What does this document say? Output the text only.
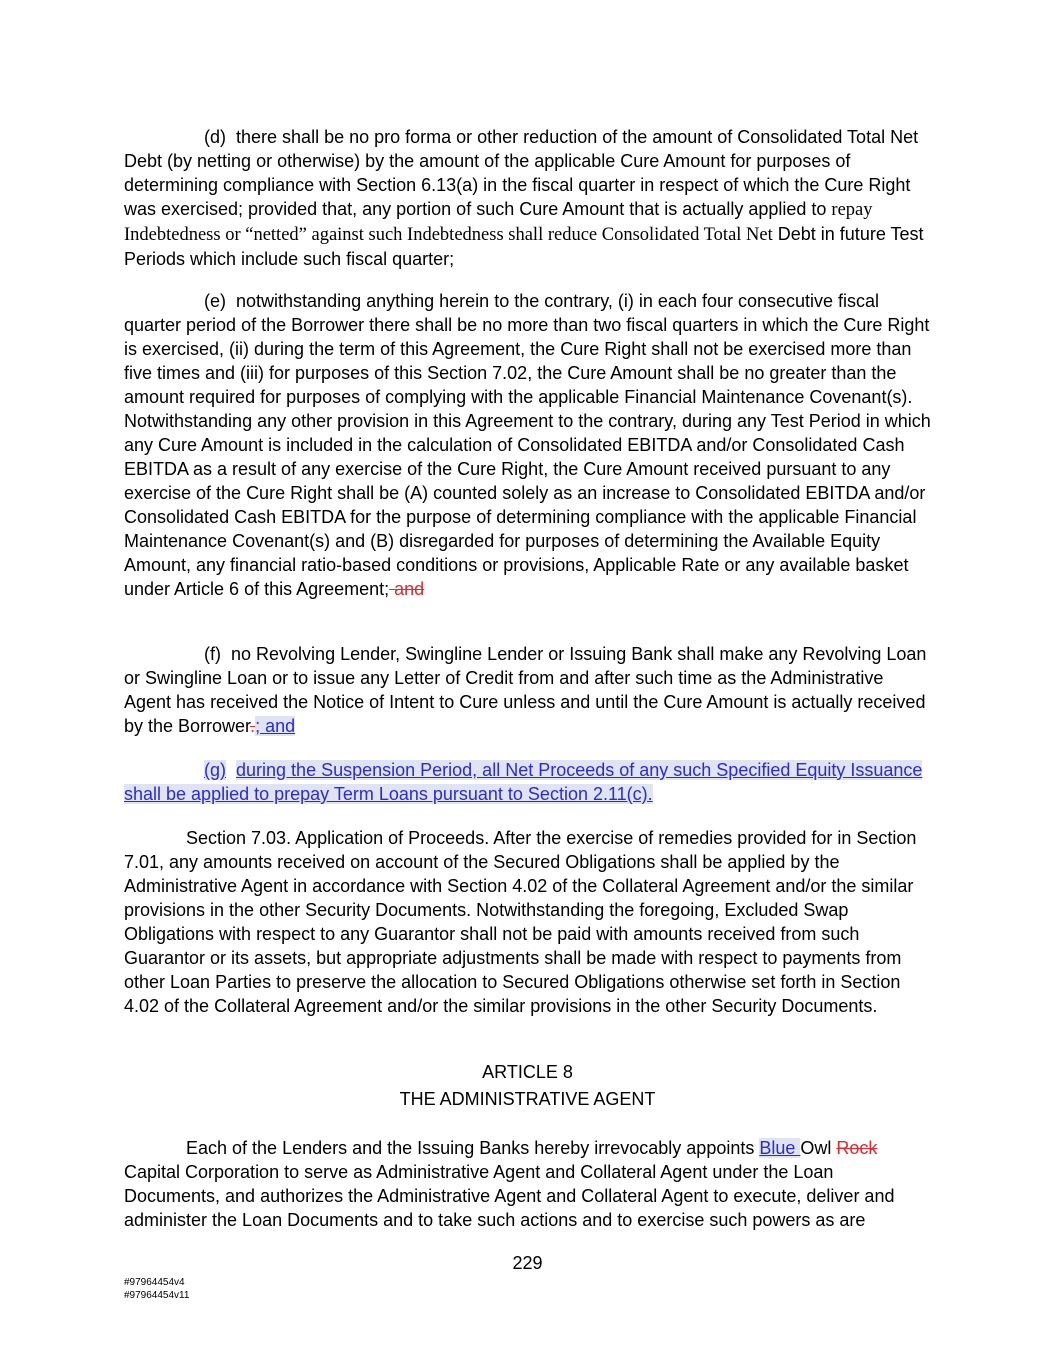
(d) there shall be no pro forma or other reduction of the amount of Consolidated Total Net Debt (by netting or otherwise) by the amount of the applicable Cure Amount for purposes of determining compliance with Section 6.13(a) in the fiscal quarter in respect of which the Cure Right was exercised; provided that, any portion of such Cure Amount that is actually applied to repay Indebtedness or “netted” against such Indebtedness shall reduce Consolidated Total Net Debt in future Test Periods which include such fiscal quarter;
(e) notwithstanding anything herein to the contrary, (i) in each four consecutive fiscal quarter period of the Borrower there shall be no more than two fiscal quarters in which the Cure Right is exercised, (ii) during the term of this Agreement, the Cure Right shall not be exercised more than five times and (iii) for purposes of this Section 7.02, the Cure Amount shall be no greater than the amount required for purposes of complying with the applicable Financial Maintenance Covenant(s). Notwithstanding any other provision in this Agreement to the contrary, during any Test Period in which any Cure Amount is included in the calculation of Consolidated EBITDA and/or Consolidated Cash EBITDA as a result of any exercise of the Cure Right, the Cure Amount received pursuant to any exercise of the Cure Right shall be (A) counted solely as an increase to Consolidated EBITDA and/or Consolidated Cash EBITDA for the purpose of determining compliance with the applicable Financial Maintenance Covenant(s) and (B) disregarded for purposes of determining the Available Equity Amount, any financial ratio-based conditions or provisions, Applicable Rate or any available basket under Article 6 of this Agreement; and
(f) no Revolving Lender, Swingline Lender or Issuing Bank shall make any Revolving Loan or Swingline Loan or to issue any Letter of Credit from and after such time as the Administrative Agent has received the Notice of Intent to Cure unless and until the Cure Amount is actually received by the Borrower.; and
(g) during the Suspension Period, all Net Proceeds of any such Specified Equity Issuance shall be applied to prepay Term Loans pursuant to Section 2.11(c).
Section 7.03. Application of Proceeds. After the exercise of remedies provided for in Section 7.01, any amounts received on account of the Secured Obligations shall be applied by the Administrative Agent in accordance with Section 4.02 of the Collateral Agreement and/or the similar provisions in the other Security Documents. Notwithstanding the foregoing, Excluded Swap Obligations with respect to any Guarantor shall not be paid with amounts received from such Guarantor or its assets, but appropriate adjustments shall be made with respect to payments from other Loan Parties to preserve the allocation to Secured Obligations otherwise set forth in Section 4.02 of the Collateral Agreement and/or the similar provisions in the other Security Documents.
ARTICLE 8
THE ADMINISTRATIVE AGENT
Each of the Lenders and the Issuing Banks hereby irrevocably appoints Blue Owl Rock Capital Corporation to serve as Administrative Agent and Collateral Agent under the Loan Documents, and authorizes the Administrative Agent and Collateral Agent to execute, deliver and administer the Loan Documents and to take such actions and to exercise such powers as are
229
#97964454v4
#97964454v11
